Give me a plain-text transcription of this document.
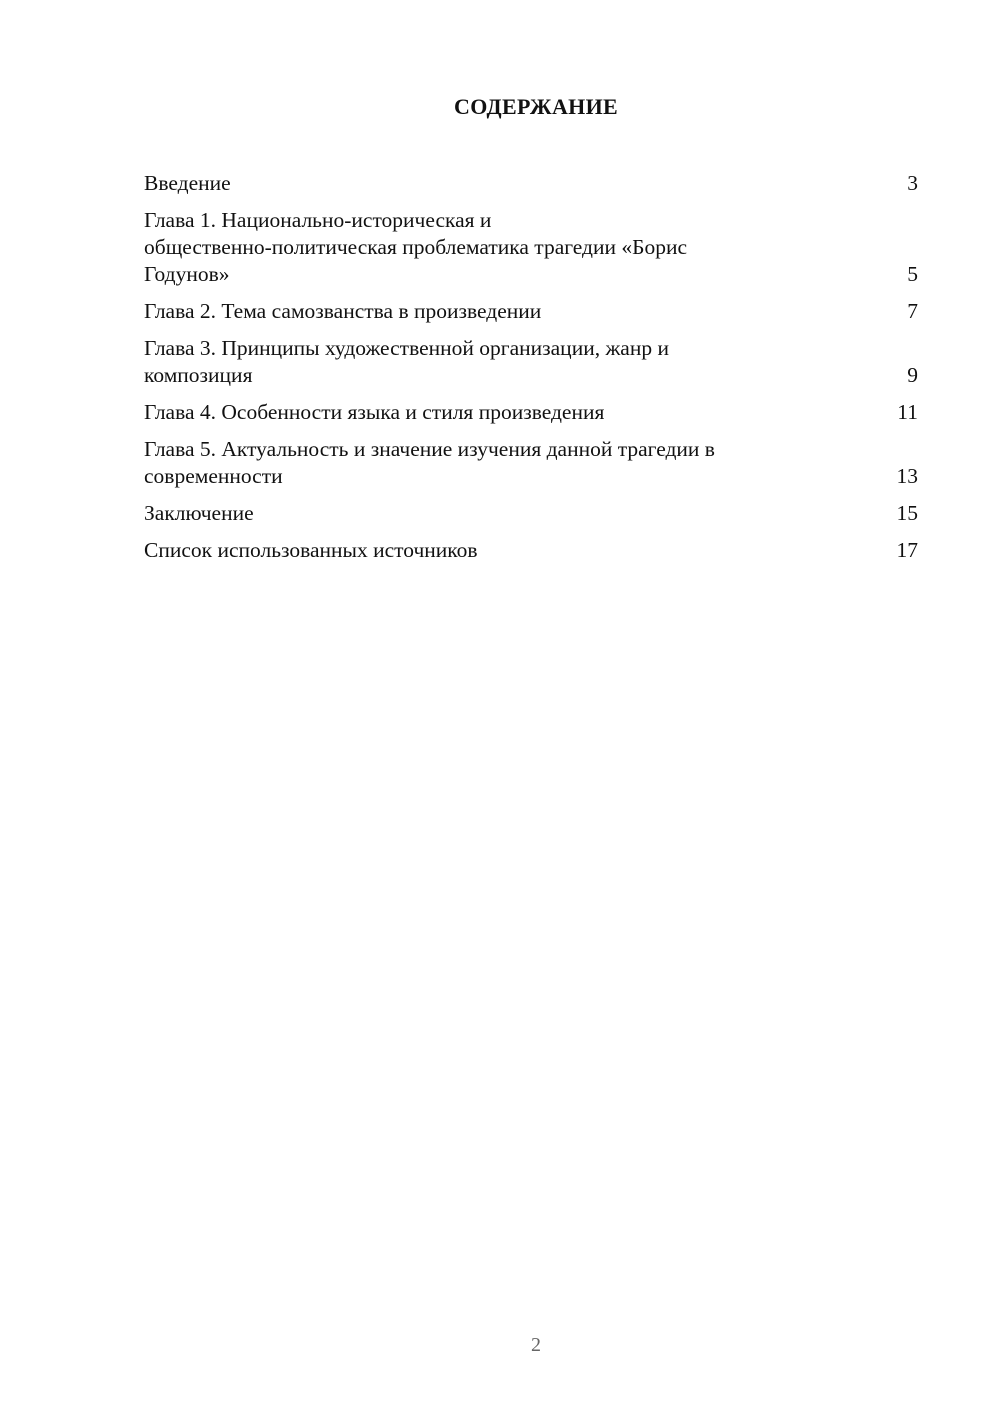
СОДЕРЖАНИЕ
Введение	3
Глава 1. Национально-историческая и
общественно-политическая проблематика трагедии «Борис
Годунов»	5
Глава 2. Тема самозванства в произведении	7
Глава 3. Принципы художественной организации, жанр и
композиция	9
Глава 4. Особенности языка и стиля произведения	11
Глава 5. Актуальность и значение изучения данной трагедии в
современности	13
Заключение	15
Список использованных источников	17
2
